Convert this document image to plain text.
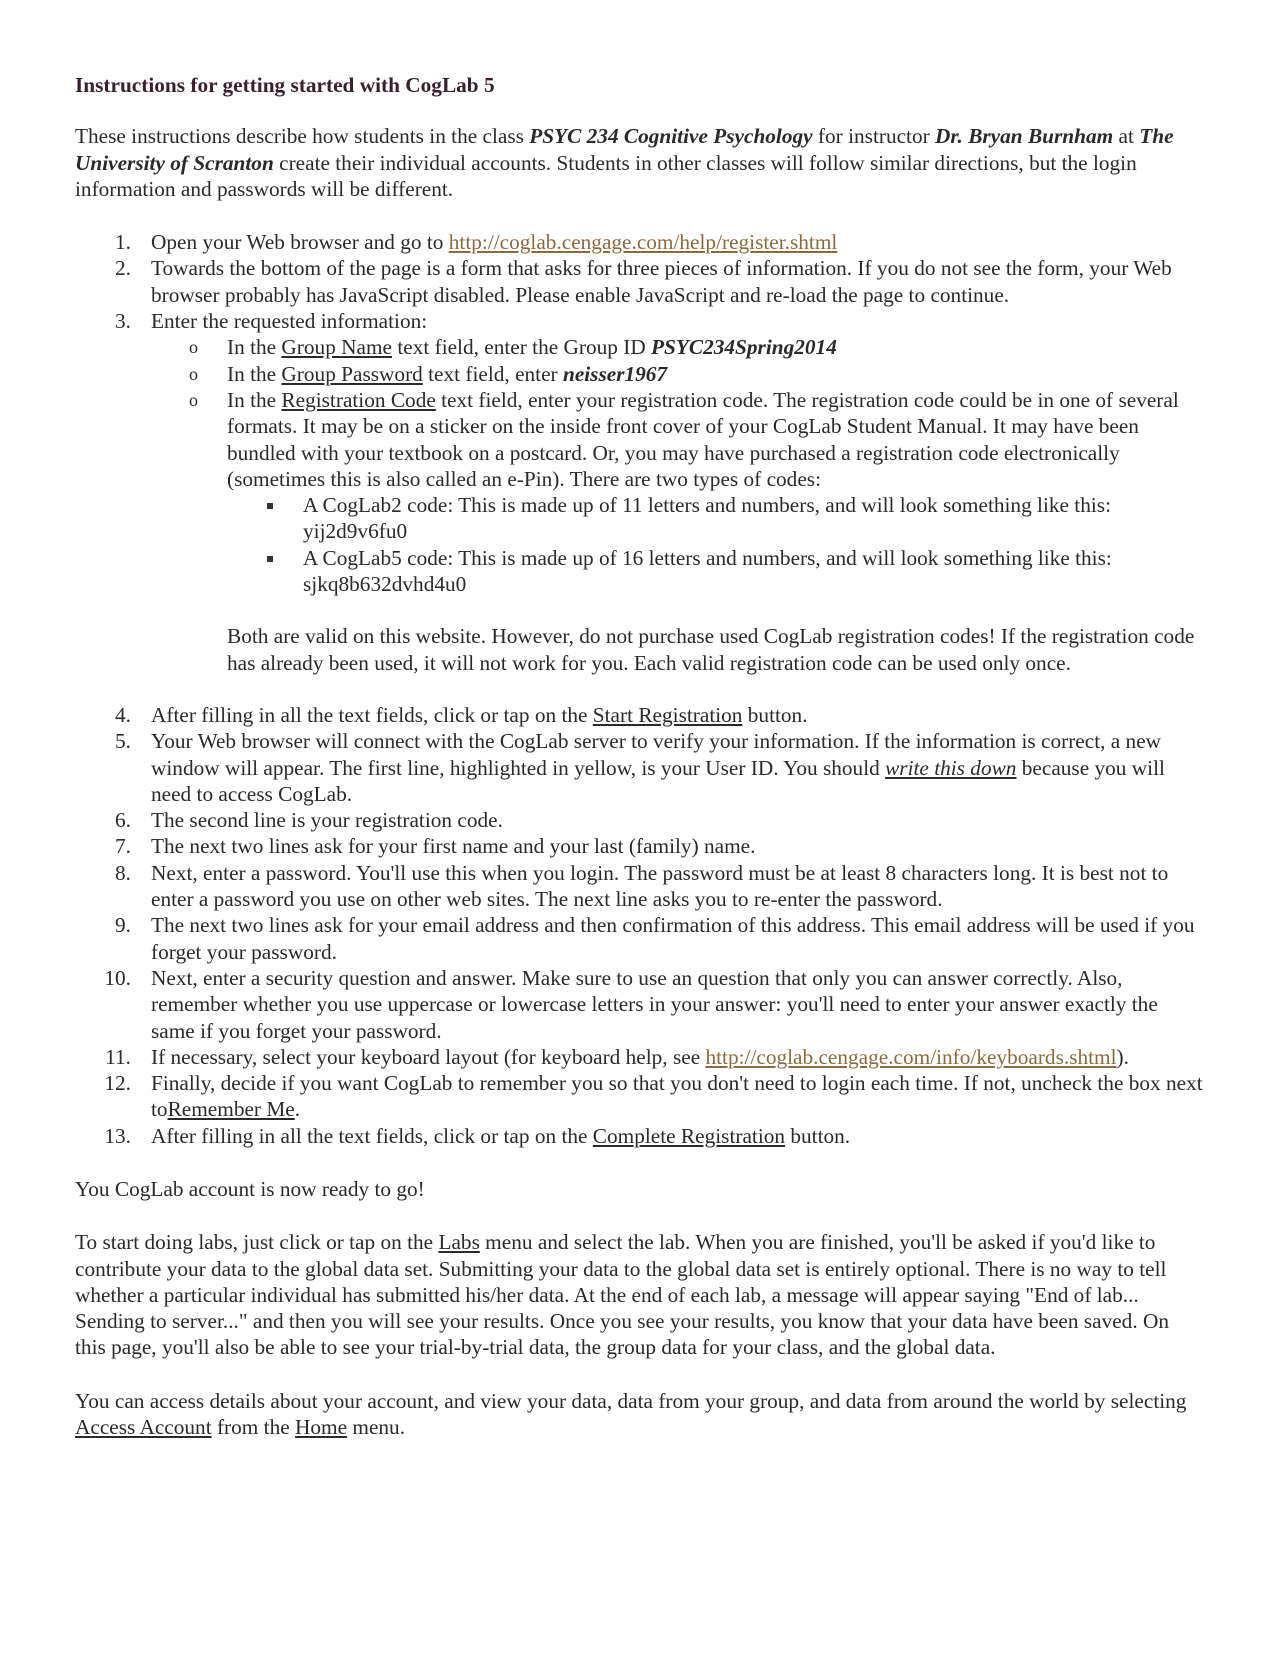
Instructions for getting started with CogLab 5

These instructions describe how students in the class PSYC 234 Cognitive Psychology for instructor Dr. Bryan Burnham at The University of Scranton create their individual accounts. Students in other classes will follow similar directions, but the login information and passwords will be different.

1. Open your Web browser and go to http://coglab.cengage.com/help/register.shtml
2. Towards the bottom of the page is a form that asks for three pieces of information. If you do not see the form, your Web browser probably has JavaScript disabled. Please enable JavaScript and re-load the page to continue.
3. Enter the requested information:
o In the Group Name text field, enter the Group ID PSYC234Spring2014
o In the Group Password text field, enter neisser1967
o In the Registration Code text field, enter your registration code. The registration code could be in one of several formats. It may be on a sticker on the inside front cover of your CogLab Student Manual. It may have been bundled with your textbook on a postcard. Or, you may have purchased a registration code electronically (sometimes this is also called an e-Pin). There are two types of codes:
A CogLab2 code: This is made up of 11 letters and numbers, and will look something like this: yij2d9v6fu0
A CogLab5 code: This is made up of 16 letters and numbers, and will look something like this: sjkq8b632dvhd4u0

Both are valid on this website. However, do not purchase used CogLab registration codes! If the registration code has already been used, it will not work for you. Each valid registration code can be used only once.

4. After filling in all the text fields, click or tap on the Start Registration button.
5. Your Web browser will connect with the CogLab server to verify your information. If the information is correct, a new window will appear. The first line, highlighted in yellow, is your User ID. You should write this down because you will need to access CogLab.
6. The second line is your registration code.
7. The next two lines ask for your first name and your last (family) name.
8. Next, enter a password. You'll use this when you login. The password must be at least 8 characters long. It is best not to enter a password you use on other web sites. The next line asks you to re-enter the password.
9. The next two lines ask for your email address and then confirmation of this address. This email address will be used if you forget your password.
10. Next, enter a security question and answer. Make sure to use an question that only you can answer correctly. Also, remember whether you use uppercase or lowercase letters in your answer: you'll need to enter your answer exactly the same if you forget your password.
11. If necessary, select your keyboard layout (for keyboard help, see http://coglab.cengage.com/info/keyboards.shtml).
12. Finally, decide if you want CogLab to remember you so that you don't need to login each time. If not, uncheck the box next toRemember Me.
13. After filling in all the text fields, click or tap on the Complete Registration button.

You CogLab account is now ready to go!

To start doing labs, just click or tap on the Labs menu and select the lab. When you are finished, you'll be asked if you'd like to contribute your data to the global data set. Submitting your data to the global data set is entirely optional. There is no way to tell whether a particular individual has submitted his/her data. At the end of each lab, a message will appear saying "End of lab... Sending to server..." and then you will see your results. Once you see your results, you know that your data have been saved. On this page, you'll also be able to see your trial-by-trial data, the group data for your class, and the global data.

You can access details about your account, and view your data, data from your group, and data from around the world by selecting Access Account from the Home menu.
